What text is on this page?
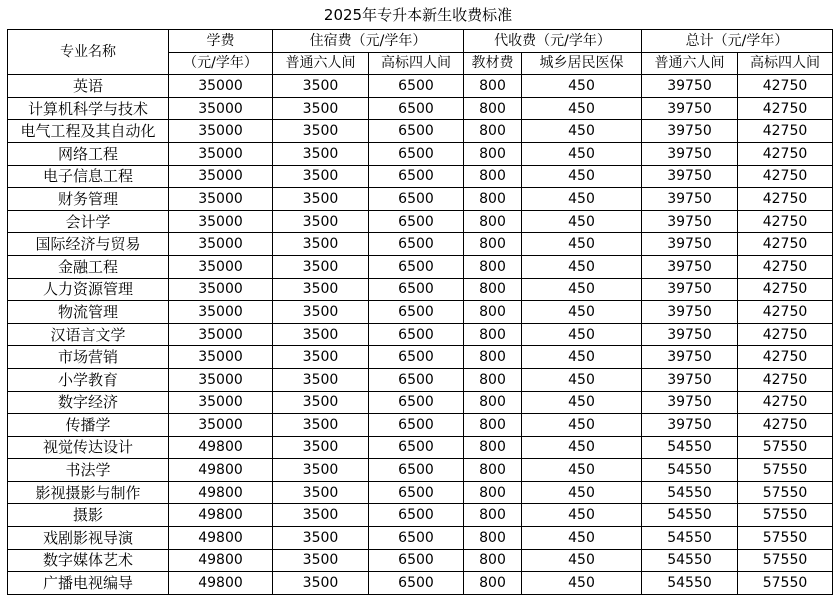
2025年专升本新生收费标准
专业名称	学费	住宿费（元/学年）		代收费（元/学年）		总计（元/学年）	
	（元/学年）	普通六人间	高标四人间	教材费	城乡居民医保	普通六人间	高标四人间
英语	35000	3500	6500	800	450	39750	42750
计算机科学与技术	35000	3500	6500	800	450	39750	42750
电气工程及其自动化	35000	3500	6500	800	450	39750	42750
网络工程	35000	3500	6500	800	450	39750	42750
电子信息工程	35000	3500	6500	800	450	39750	42750
财务管理	35000	3500	6500	800	450	39750	42750
会计学	35000	3500	6500	800	450	39750	42750
国际经济与贸易	35000	3500	6500	800	450	39750	42750
金融工程	35000	3500	6500	800	450	39750	42750
人力资源管理	35000	3500	6500	800	450	39750	42750
物流管理	35000	3500	6500	800	450	39750	42750
汉语言文学	35000	3500	6500	800	450	39750	42750
市场营销	35000	3500	6500	800	450	39750	42750
小学教育	35000	3500	6500	800	450	39750	42750
数字经济	35000	3500	6500	800	450	39750	42750
传播学	35000	3500	6500	800	450	39750	42750
视觉传达设计	49800	3500	6500	800	450	54550	57550
书法学	49800	3500	6500	800	450	54550	57550
影视摄影与制作	49800	3500	6500	800	450	54550	57550
摄影	49800	3500	6500	800	450	54550	57550
戏剧影视导演	49800	3500	6500	800	450	54550	57550
数字媒体艺术	49800	3500	6500	800	450	54550	57550
广播电视编导	49800	3500	6500	800	450	54550	57550
